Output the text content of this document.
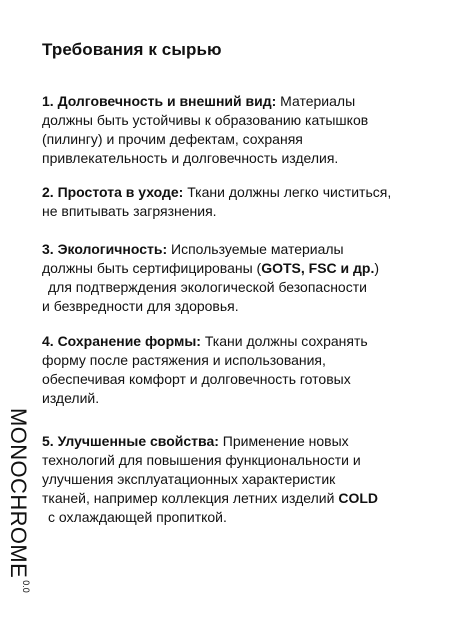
Требования к сырью
1. Долговечность и внешний вид: Материалы
должны быть устойчивы к образованию катышков
(пилингу) и прочим дефектам, сохраняя
привлекательность и долговечность изделия.
2. Простота в уходе: Ткани должны легко чиститься,
не впитывать загрязнения.
3. Экологичность: Используемые материалы
должны быть сертифицированы (GOTS, FSC и др.)
для подтверждения экологической безопасности
и безвредности для здоровья.
4. Сохранение формы: Ткани должны сохранять
форму после растяжения и использования,
обеспечивая комфорт и долговечность готовых
изделий.
5. Улучшенные свойства: Применение новых
технологий для повышения функциональности и
улучшения эксплуатационных характеристик
тканей, например коллекция летних изделий COLD
с охлаждающей пропиткой.
$MONOCHROME^{0.0}$
